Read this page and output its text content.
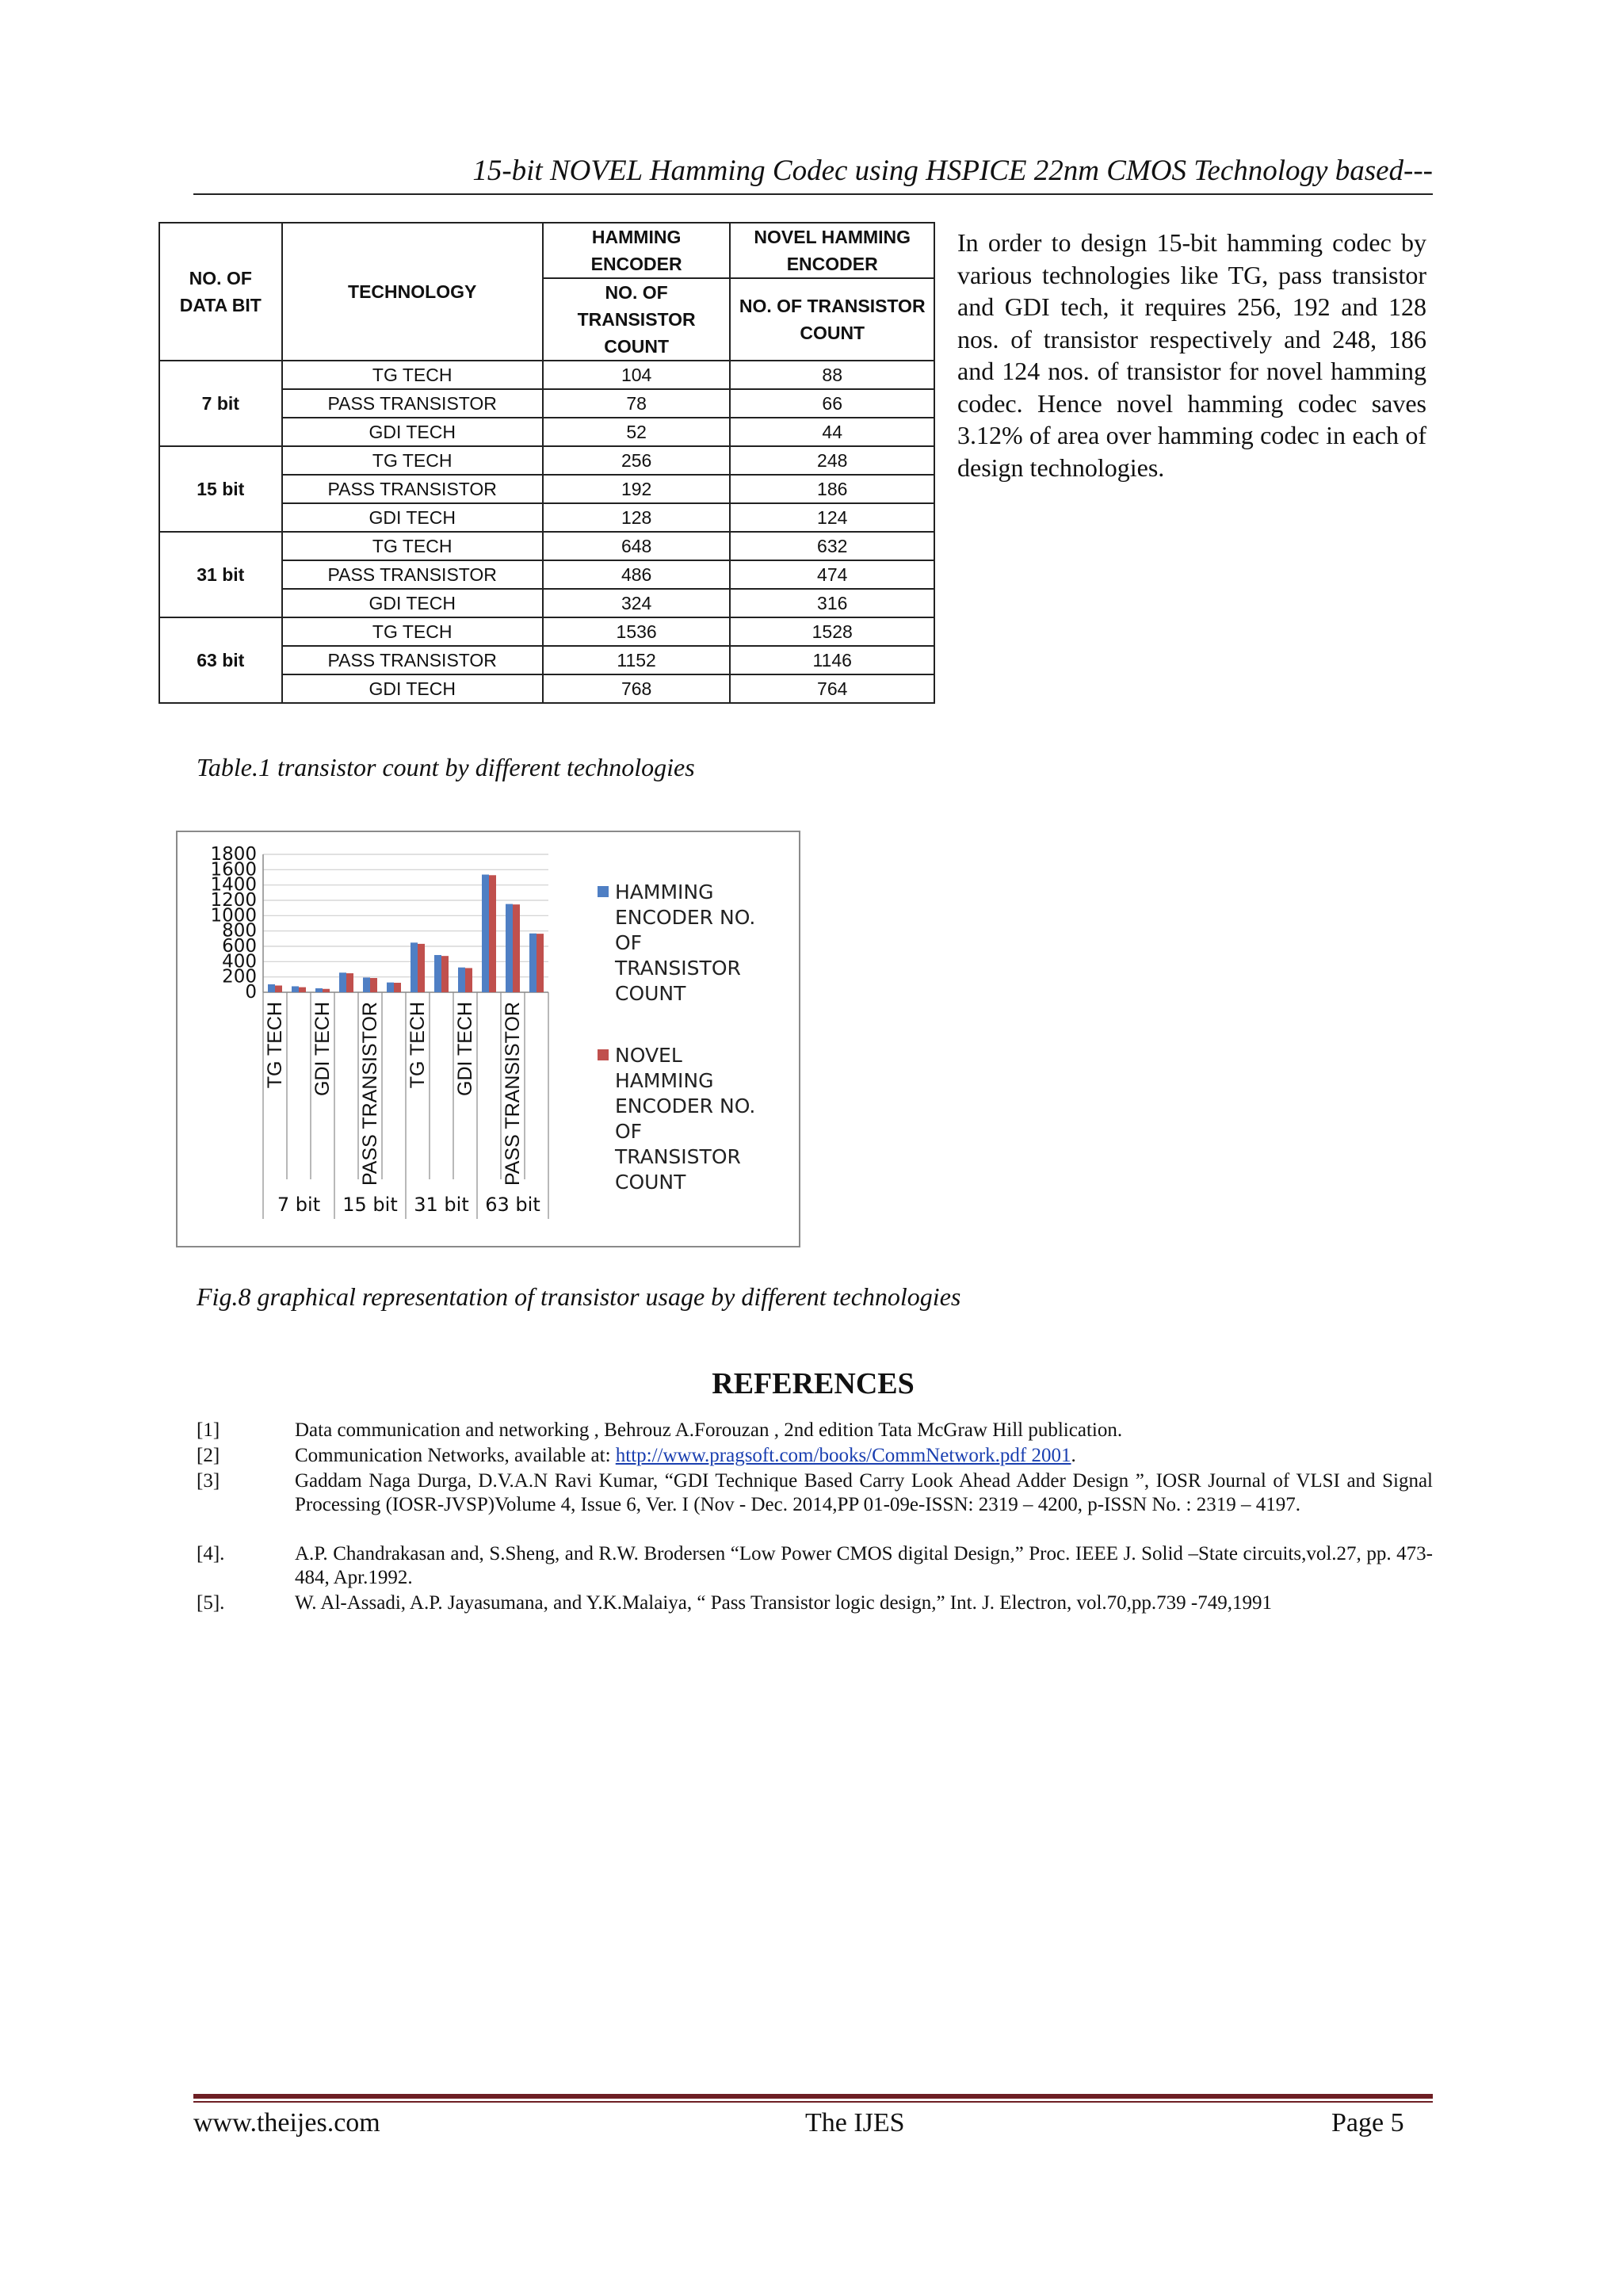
15-bit NOVEL Hamming Codec using HSPICE 22nm CMOS Technology based---
NO. OF DATA BIT	TECHNOLOGY	HAMMING ENCODER	NOVEL HAMMING ENCODER
		NO. OF TRANSISTOR COUNT	NO. OF TRANSISTOR COUNT
7 bit	TG TECH	104	88
	PASS TRANSISTOR	78	66
	GDI TECH	52	44
15 bit	TG TECH	256	248
	PASS TRANSISTOR	192	186
	GDI TECH	128	124
31 bit	TG TECH	648	632
	PASS TRANSISTOR	486	474
	GDI TECH	324	316
63 bit	TG TECH	1536	1528
	PASS TRANSISTOR	1152	1146
	GDI TECH	768	764
In order to design 15-bit hamming codec by various technologies like TG, pass transistor and GDI tech, it requires 256, 192 and 128 nos. of transistor respectively and 248, 186 and 124 nos. of transistor for novel hamming codec. Hence novel hamming codec saves 3.12% of area over hamming codec in each of design technologies.
Table.1 transistor count by different technologies
0
200
400
600
800
1000
1200
1400
1600
1800
TG TECH GDI TECH PASS TRANSISTOR TG TECH GDI TECH PASS TRANSISTOR
7 bit 15 bit 31 bit 63 bit
HAMMING
ENCODER NO.
OF
TRANSISTOR
COUNT
NOVEL
HAMMING
ENCODER NO.
OF
TRANSISTOR
COUNT
Fig.8 graphical representation of transistor usage by different technologies
REFERENCES
[1]	Data communication and networking , Behrouz A.Forouzan , 2nd edition Tata McGraw Hill publication.
[2]	Communication Networks, available at: http://www.pragsoft.com/books/CommNetwork.pdf 2001.
[3]	Gaddam Naga Durga, D.V.A.N Ravi Kumar, “GDI Technique Based Carry Look Ahead Adder Design ”, IOSR Journal of VLSI and Signal Processing (IOSR-JVSP)Volume 4, Issue 6, Ver. I (Nov - Dec. 2014,PP 01-09e-ISSN: 2319 – 4200, p-ISSN No. : 2319 – 4197.
[4].	A.P. Chandrakasan and, S.Sheng, and R.W. Brodersen “Low Power CMOS digital Design,” Proc. IEEE J. Solid –State circuits,vol.27, pp. 473-484, Apr.1992.
[5].	W. Al-Assadi, A.P. Jayasumana, and Y.K.Malaiya, “ Pass Transistor logic design,” Int. J. Electron, vol.70,pp.739 -749,1991
www.theijes.com	The IJES	Page 5
